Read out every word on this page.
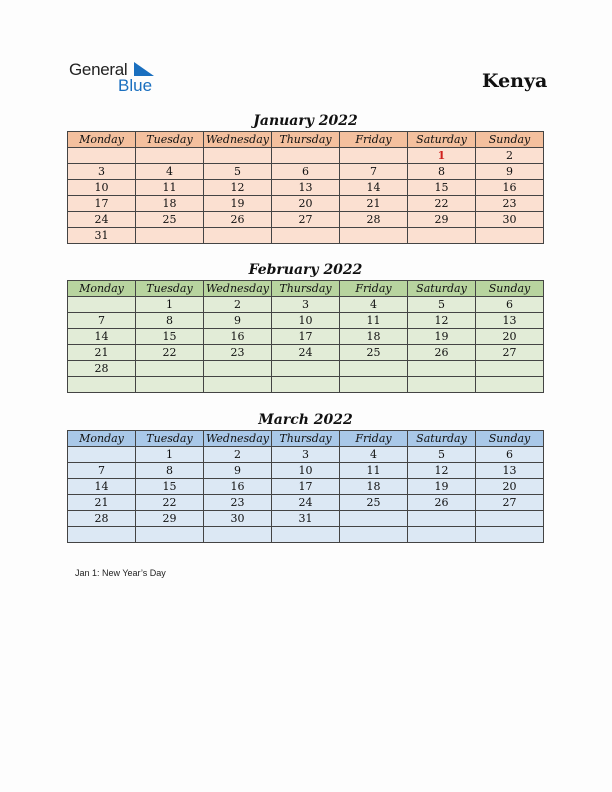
General
Blue	Kenya
January 2022
Monday	Tuesday	Wednesday	Thursday	Friday	Saturday	Sunday
					1	2
3	4	5	6	7	8	9
10	11	12	13	14	15	16
17	18	19	20	21	22	23
24	25	26	27	28	29	30
31						
February 2022
Monday	Tuesday	Wednesday	Thursday	Friday	Saturday	Sunday
	1	2	3	4	5	6
7	8	9	10	11	12	13
14	15	16	17	18	19	20
21	22	23	24	25	26	27
28						

March 2022
Monday	Tuesday	Wednesday	Thursday	Friday	Saturday	Sunday
	1	2	3	4	5	6
7	8	9	10	11	12	13
14	15	16	17	18	19	20
21	22	23	24	25	26	27
28	29	30	31			

Jan 1: New Year’s Day
